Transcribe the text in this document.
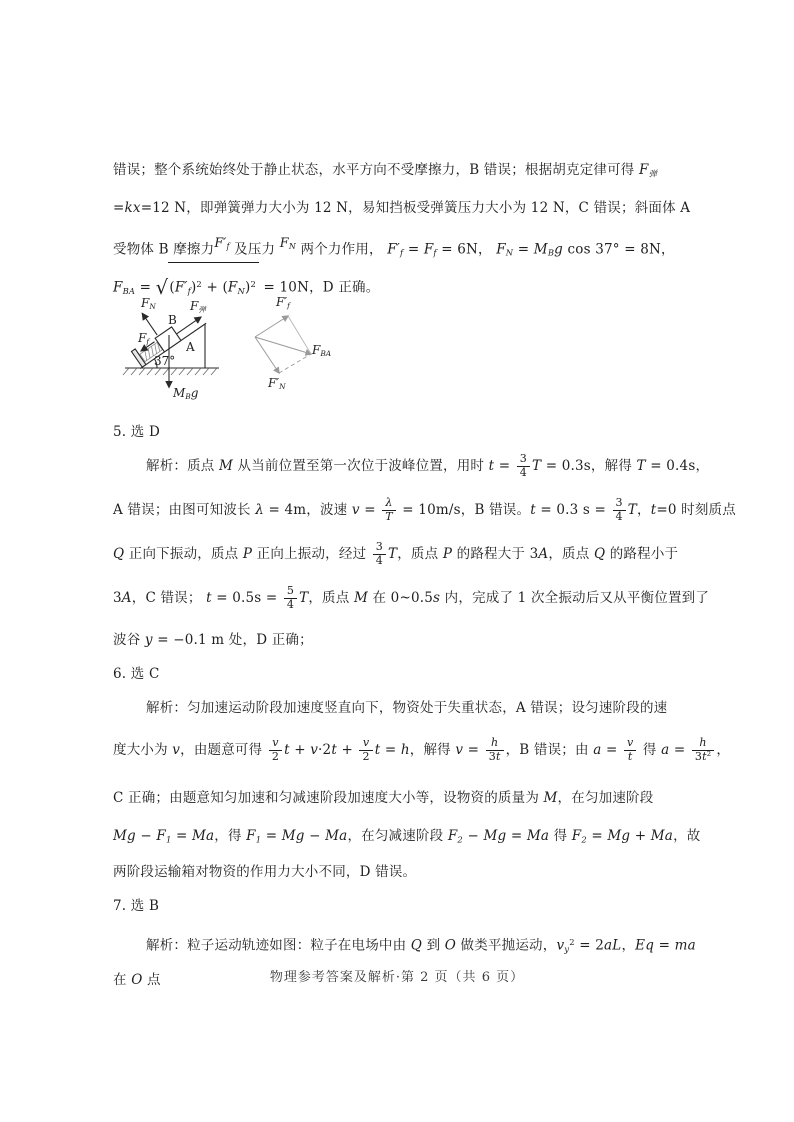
错误；整个系统始终处于静止状态，水平方向不受摩擦力，B 错误；根据胡克定律可得 F弹
=kx=12 N，即弹簧弹力大小为 12 N，易知挡板受弹簧压力大小为 12 N，C 错误；斜面体 A
受物体 B 摩擦力F′f 及压力 FN 两个力作用， F′f = Ff = 6N， FN = MBg cos 37° = 8N，
FBA = $√(F'f)^2 + (FN)^2 = 10N$，D 正确。
5. 选 D
解析：质点 M 从当前位置至第一次位于波峰位置，用时 $t = \frac{3}{4}$ T = 0.3s，解得 T = 0.4s，
A 错误；由图可知波长 λ = 4m，波速 $v = \frac{\lambda}{T} = 10m/s$，B 错误。t = 0.3 $s = \frac{3}{4}$ T，t=0 时刻质点
Q 正向下振动，质点 P 正向上振动，经过 $\frac{3}{4}$ T，质点 P 的路程大于 3A，质点 Q 的路程小于
3A，C 错误； $t = 0.5s = \frac{5}{4}$ T，质点 M 在 0~0.5s 内，完成了 1 次全振动后又从平衡位置到了
波谷 y = −0.1 m 处，D 正确；
6. 选 C
解析：匀加速运动阶段加速度竖直向下，物资处于失重状态，A 错误；设匀速阶段的速
度大小为 v，由题意可得 $\frac{v}{2}$ $t + v\cdot 2t + \frac{v}{2}$ t = h，解得 $v = \frac{h}{3t}$ ，B 错误；由 $a = \frac{v}{t}$ 得 $a = \frac{h}{3t^2}$ ，
C 正确；由题意知匀加速和匀减速阶段加速度大小等，设物资的质量为 M，在匀加速阶段
Mg − F1 = Ma，得 F1 = Mg − Ma，在匀减速阶段 F2 − Mg = Ma 得 F2 = Mg + Ma，故
两阶段运输箱对物资的作用力大小不同，D 错误。
7. 选 B
解析：粒子运动轨迹如图：粒子在电场中由 Q 到 O 做类平抛运动，$vy^2 = 2aL$，Eq = ma
在 O 点
FN
B
F弹
Ff	A
37°
MBg
F′f
FBA
F′N
物理参考答案及解析·第 2 页（共 6 页）
